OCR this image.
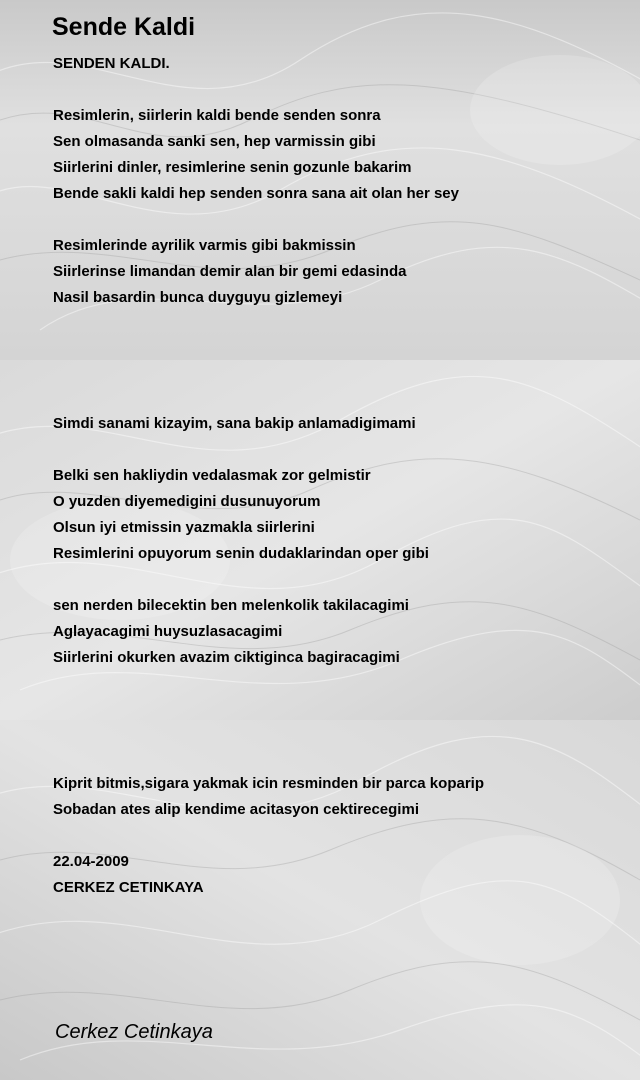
Sende Kaldi
SENDEN KALDI.
Resimlerin, siirlerin kaldi bende senden sonra
Sen olmasanda sanki sen, hep varmissin gibi
Siirlerini dinler, resimlerine senin gozunle bakarim
Bende sakli kaldi hep senden sonra sana ait olan her sey
Resimlerinde ayrilik varmis gibi bakmissin
Siirlerinse limandan demir alan bir gemi edasinda
Nasil basardin bunca duyguyu gizlemeyi
Simdi sanami kizayim, sana bakip anlamadigimami
Belki sen hakliydin vedalasmak zor gelmistir
O yuzden diyemedigini dusunuyorum
Olsun iyi etmissin yazmakla siirlerini
Resimlerini opuyorum senin dudaklarindan oper gibi
sen nerden bilecektin ben melenkolik takilacagimi
Aglayacagimi huysuzlasacagimi
Siirlerini okurken avazim ciktiginca bagiracagimi
Kiprit bitmis,sigara yakmak icin resminden bir parca koparip
Sobadan ates alip kendime acitasyon cektirecegimi
22.04-2009
CERKEZ CETINKAYA
Cerkez Cetinkaya
